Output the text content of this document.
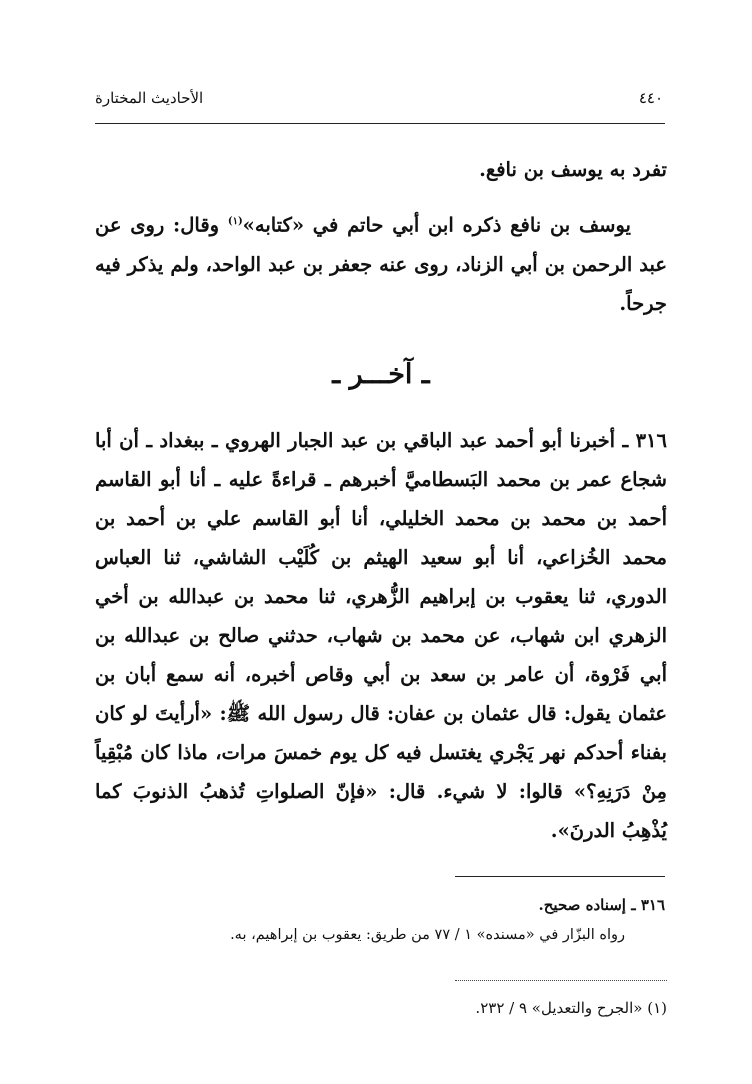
٤٤٠
الأحاديث المختارة

تفرد به يوسف بن نافع.

يوسف بن نافع ذكره ابن أبي حاتم في «كتابه»$^{(١)}$ وقال: روى عن عبد الرحمن بن أبي الزناد، روى عنه جعفر بن عبد الواحد، ولم يذكر فيه جرحاً.

ـ آخـــر ـ

٣١٦ ـ أخبرنا أبو أحمد عبد الباقي بن عبد الجبار الهروي ـ ببغداد ـ أن أبا شجاع عمر بن محمد البَسطاميَّ أخبرهم ـ قراءةً عليه ـ أنا أبو القاسم أحمد بن محمد بن محمد الخليلي، أنا أبو القاسم علي بن أحمد بن محمد الخُزاعي، أنا أبو سعيد الهيثم بن كُلَيْب الشاشي، ثنا العباس الدوري، ثنا يعقوب بن إبراهيم الزُّهري، ثنا محمد بن عبدالله بن أخي الزهري ابن شهاب، عن محمد بن شهاب، حدثني صالح بن عبدالله بن أبي فَرْوة، أن عامر بن سعد بن أبي وقاص أخبره، أنه سمع أبان بن عثمان يقول: قال عثمان بن عفان: قال رسول الله ﷺ: «أرأيتَ لو كان بفناء أحدكم نهر يَجْري يغتسل فيه كل يوم خمسَ مرات، ماذا كان مُبْقِياً مِنْ دَرَنِهِ؟» قالوا: لا شيء. قال: «فإنّ الصلواتِ تُذهبُ الذنوبَ كما يُذْهِبُ الدرنَ».

٣١٦ ـ إسناده صحيح.

رواه البزّار في «مسنده» ١ / ٧٧ من طريق: يعقوب بن إبراهيم، به.

(١) «الجرح والتعديل» ٩ / ٢٣٢.
